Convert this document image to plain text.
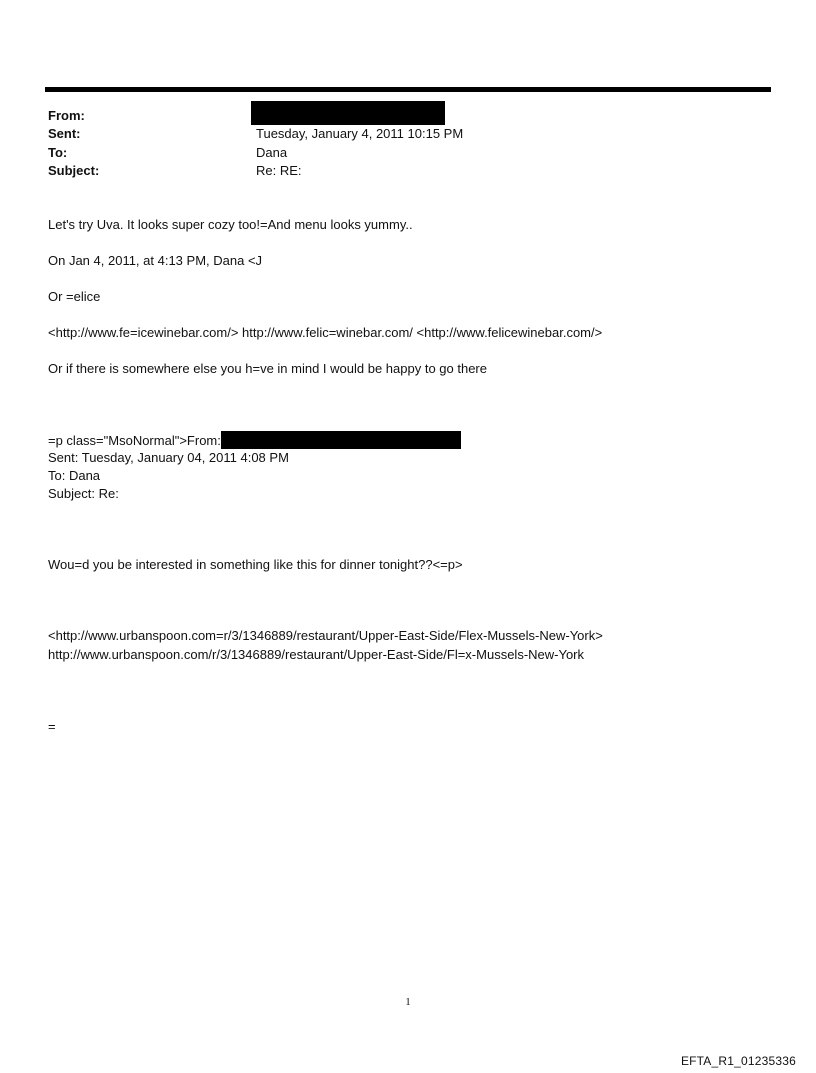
From:
Sent:	Tuesday, January 4, 2011 10:15 PM
To:	Dana
Subject:	Re: RE:
Let's try Uva. It looks super cozy too!=And menu looks yummy..
On Jan 4, 2011, at 4:13 PM, Dana <J
Or =elice
<http://www.fe=icewinebar.com/> http://www.felic=winebar.com/ <http://www.felicewinebar.com/>
Or if there is somewhere else you h=ve in mind I would be happy to go there
=p class="MsoNormal">From:
Sent: Tuesday, January 04, 2011 4:08 PM
To: Dana
Subject: Re:
Wou=d you be interested in something like this for dinner tonight??<=p>
<http://www.urbanspoon.com=r/3/1346889/restaurant/Upper-East-Side/Flex-Mussels-New-York>
http://www.urbanspoon.com/r/3/1346889/restaurant/Upper-East-Side/Fl=x-Mussels-New-York
=
1
EFTA_R1_01235336
